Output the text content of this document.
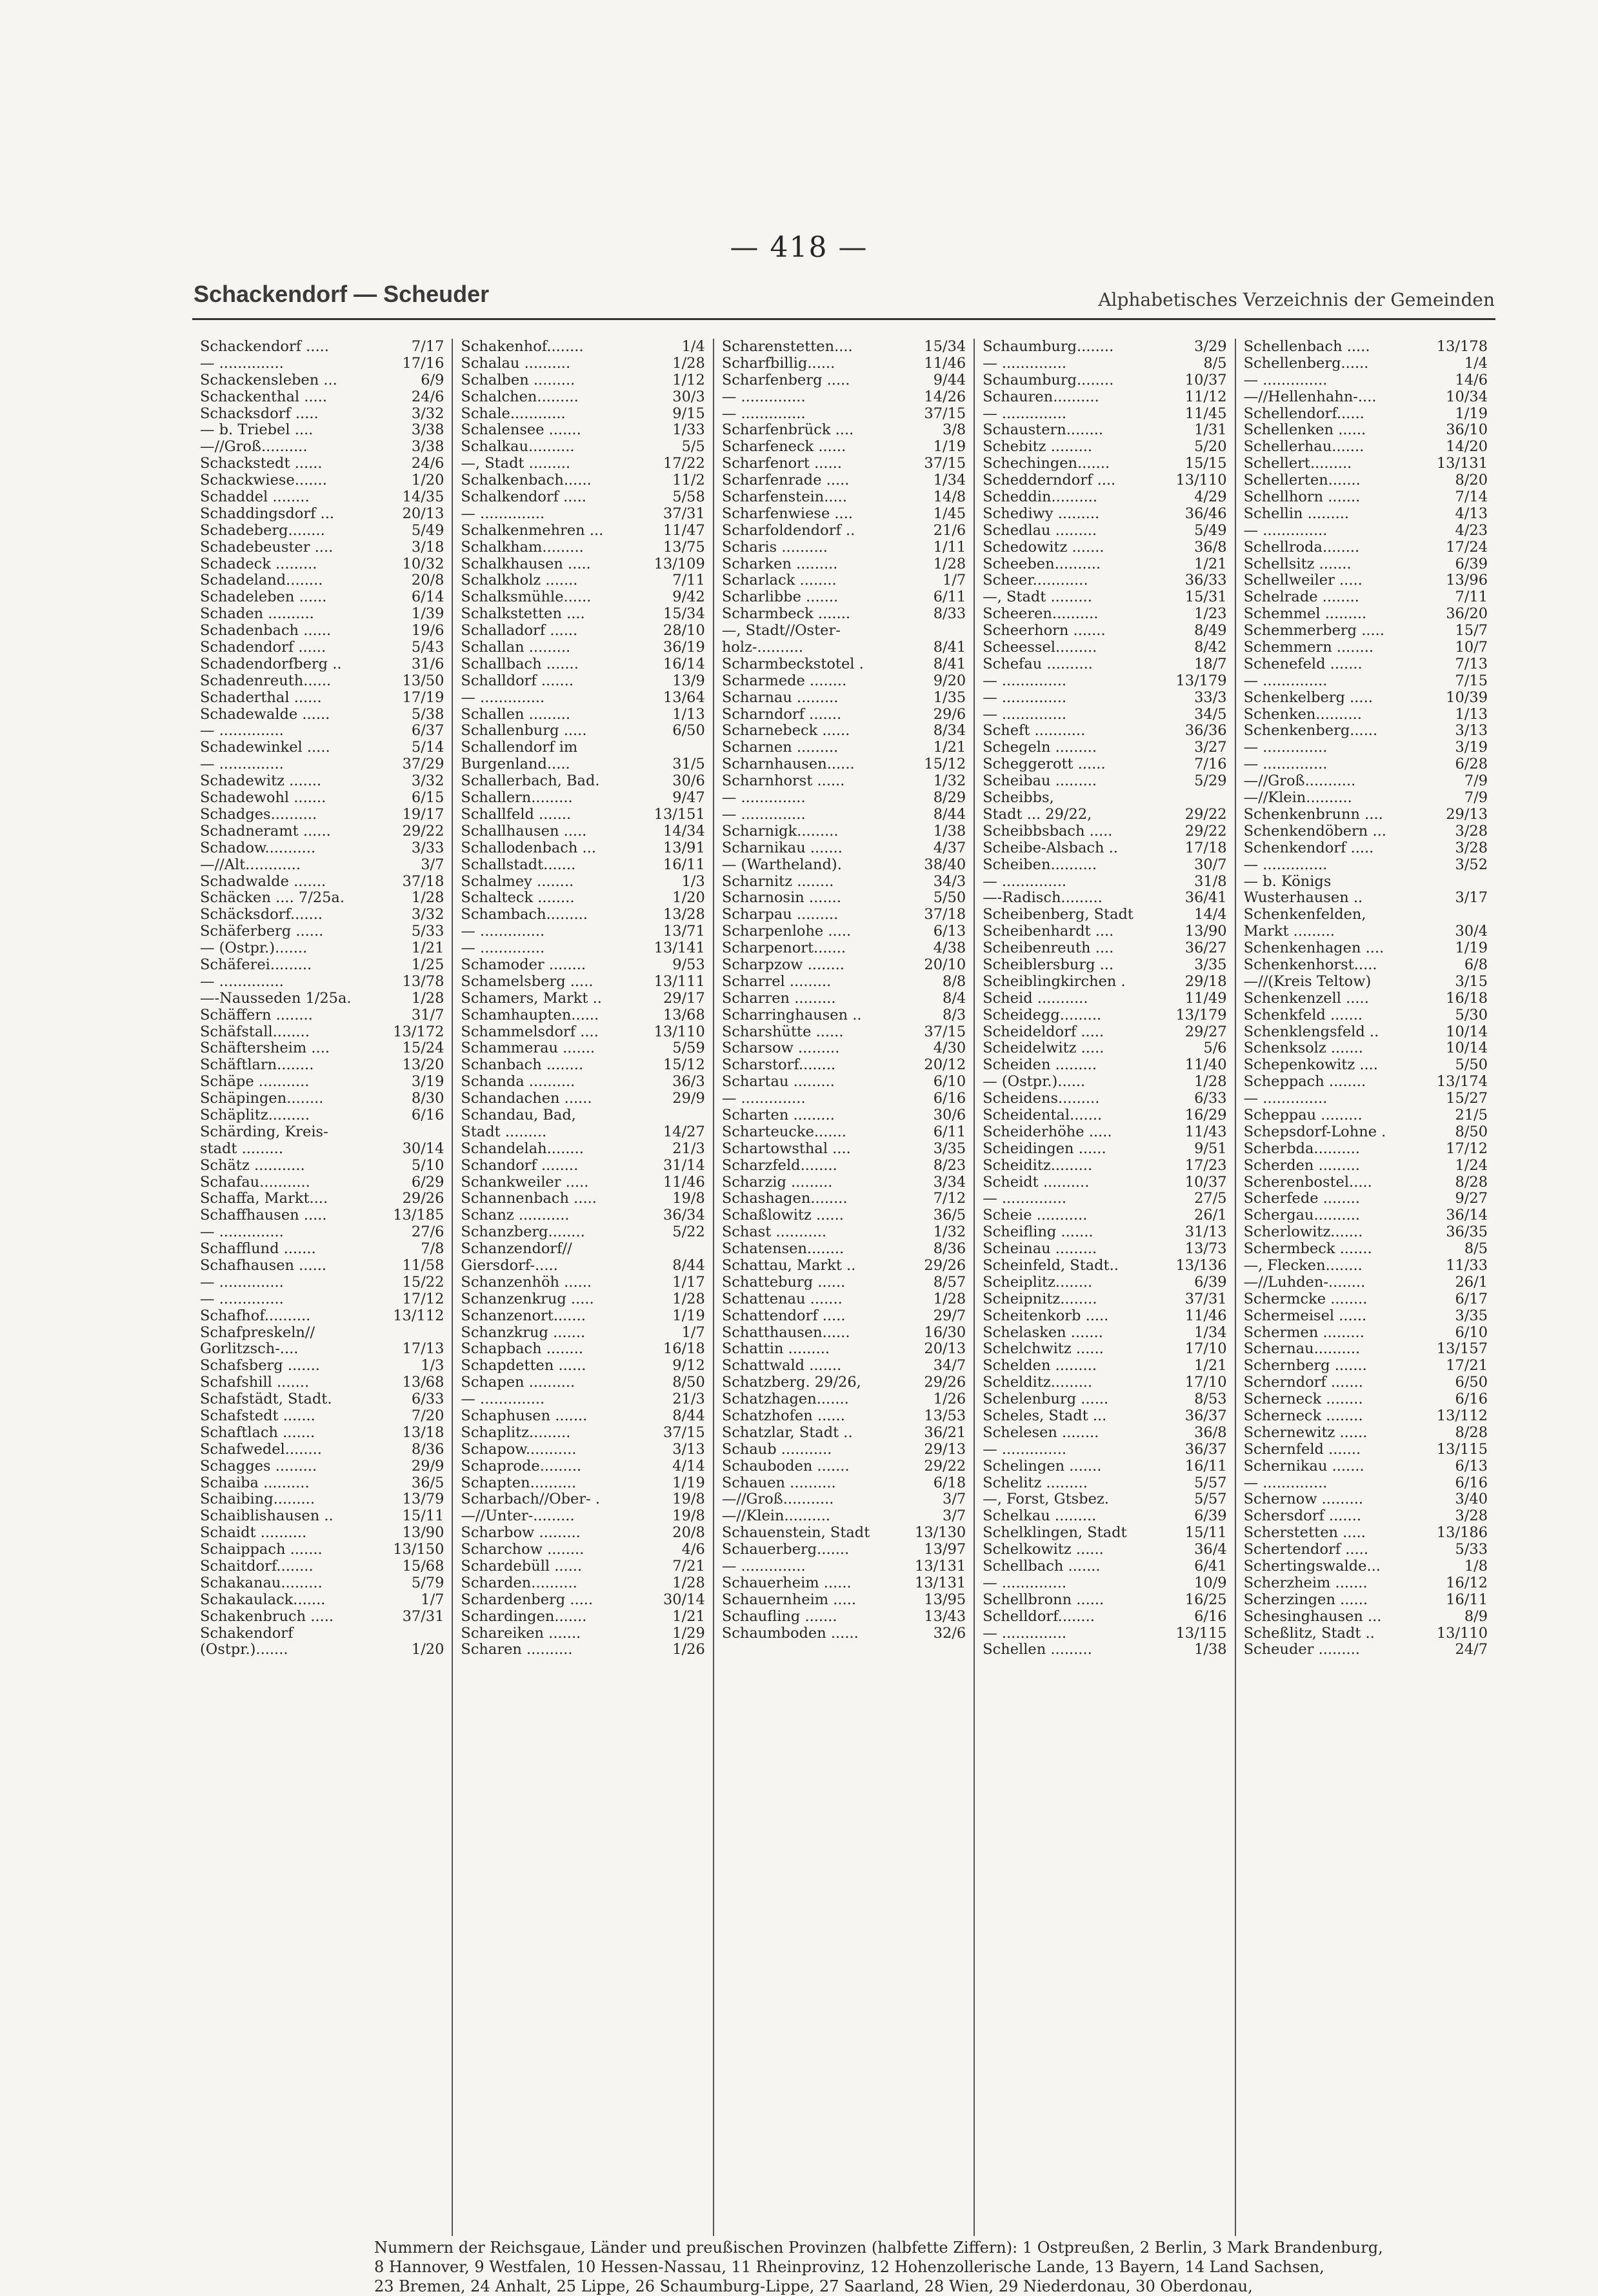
— 418 —
Schackendorf — Scheuder	Alphabetisches Verzeichnis der Gemeinden
Schackendorf .....	7/17
— ..............	17/16
Schackensleben ...	6/9
Schackenthal .....	24/6
Schacksdorf .....	3/32
— b. Triebel ....	3/38
—//Groß..........	3/38
Schackstedt ......	24/6
Schackwiese.......	1/20
Schaddel ........	14/35
Schaddingsdorf ...	20/13
Schadeberg........	5/49
Schadebeuster ....	3/18
Schadeck .........	10/32
Schadeland........	20/8
Schadeleben ......	6/14
Schaden ..........	1/39
Schadenbach ......	19/6
Schadendorf ......	5/43
Schadendorfberg ..	31/6
Schadenreuth......	13/50
Schaderthal ......	17/19
Schadewalde ......	5/38
— ..............	6/37
Schadewinkel .....	5/14
— ..............	37/29
Schadewitz .......	3/32
Schadewohl .......	6/15
Schadges..........	19/17
Schadneramt ......	29/22
Schadow...........	3/33
—//Alt............	3/7
Schadwalde .......	37/18
Schäcken .... 7/25a.	1/28
Schäcksdorf.......	3/32
Schäferberg ......	5/33
— (Ostpr.).......	1/21
Schäferei.........	1/25
— ..............	13/78
—-Nausseden 1/25a.	1/28
Schäffern ........	31/7
Schäfstall........	13/172
Schäftersheim ....	15/24
Schäftlarn........	13/20
Schäpe ...........	3/19
Schäpingen........	8/30
Schäplitz.........	6/16
Schärding, Kreis-
stadt .........	30/14
Schätz ...........	5/10
Schafau...........	6/29
Schaffa, Markt....	29/26
Schaffhausen .....	13/185
— ..............	27/6
Schafflund .......	7/8
Schafhausen ......	11/58
— ..............	15/22
— ..............	17/12
Schafhof..........	13/112
Schafpreskeln//
Gorlitzsch-....	17/13
Schafsberg .......	1/3
Schafshill .......	13/68
Schafstädt, Stadt.	6/33
Schafstedt .......	7/20
Schaftlach .......	13/18
Schafwedel........	8/36
Schagges .........	29/9
Schaiba ..........	36/5
Schaibing.........	13/79
Schaiblishausen ..	15/11
Schaidt ..........	13/90
Schaippach .......	13/150
Schaitdorf........	15/68
Schakanau.........	5/79
Schakaulack.......	1/7
Schakenbruch .....	37/31
Schakendorf
(Ostpr.).......	1/20
Schakenhof........	1/4
Schalau ..........	1/28
Schalben .........	1/12
Schalchen.........	30/3
Schale............	9/15
Schalensee .......	1/33
Schalkau..........	5/5
—, Stadt .........	17/22
Schalkenbach......	11/2
Schalkendorf .....	5/58
— ..............	37/31
Schalkenmehren ...	11/47
Schalkham.........	13/75
Schalkhausen .....	13/109
Schalkholz .......	7/11
Schalksmühle......	9/42
Schalkstetten ....	15/34
Schalladorf ......	28/10
Schallan .........	36/19
Schallbach .......	16/14
Schalldorf .......	13/9
— ..............	13/64
Schallen .........	1/13
Schallenburg .....	6/50
Schallendorf im
Burgenland.....	31/5
Schallerbach, Bad.	30/6
Schallern.........	9/47
Schallfeld .......	13/151
Schallhausen .....	14/34
Schallodenbach ...	13/91
Schallstadt.......	16/11
Schalmey ........	1/3
Schalteck ........	1/20
Schambach.........	13/28
— ..............	13/71
— ..............	13/141
Schamoder ........	9/53
Schamelsberg .....	13/111
Schamers, Markt ..	29/17
Schamhaupten......	13/68
Schammelsdorf ....	13/110
Schammerau .......	5/59
Schanbach ........	15/12
Schanda ..........	36/3
Schandachen ......	29/9
Schandau, Bad,
Stadt .........	14/27
Schandelah........	21/3
Schandorf ........	31/14
Schankweiler .....	11/46
Schannenbach .....	19/8
Schanz ...........	36/34
Schanzberg........	5/22
Schanzendorf//
Giersdorf-.....	8/44
Schanzenhöh ......	1/17
Schanzenkrug .....	1/28
Schanzenort.......	1/19
Schanzkrug .......	1/7
Schapbach ........	16/18
Schapdetten ......	9/12
Schapen ..........	8/50
— ..............	21/3
Schaphusen .......	8/44
Schaplitz.........	37/15
Schapow...........	3/13
Schaprode.........	4/14
Schapten..........	1/19
Scharbach//Ober- .	19/8
—//Unter-.........	19/8
Scharbow .........	20/8
Scharchow ........	4/6
Schardebüll ......	7/21
Scharden..........	1/28
Schardenberg .....	30/14
Schardingen.......	1/21
Schareiken .......	1/29
Scharen ..........	1/26
Scharenstetten....	15/34
Scharfbillig......	11/46
Scharfenberg .....	9/44
— ..............	14/26
— ..............	37/15
Scharfenbrück ....	3/8
Scharfeneck ......	1/19
Scharfenort ......	37/15
Scharfenrade .....	1/34
Scharfenstein.....	14/8
Scharfenwiese ....	1/45
Scharfoldendorf ..	21/6
Scharis ..........	1/11
Scharken .........	1/28
Scharlack ........	1/7
Scharlibbe .......	6/11
Scharmbeck .......	8/33
—, Stadt//Oster-
holz-..........	8/41
Scharmbeckstotel .	8/41
Scharmede ........	9/20
Scharnau .........	1/35
Scharndorf .......	29/6
Scharnebeck ......	8/34
Scharnen .........	1/21
Scharnhausen......	15/12
Scharnhorst ......	1/32
— ..............	8/29
— ..............	8/44
Scharnigk.........	1/38
Scharnikau .......	4/37
— (Wartheland).	38/40
Scharnitz ........	34/3
Scharnosin .......	5/50
Scharpau .........	37/18
Scharpenlohe .....	6/13
Scharpenort.......	4/38
Scharpzow ........	20/10
Scharrel .........	8/8
Scharren .........	8/4
Scharringhausen ..	8/3
Scharshütte ......	37/15
Scharsow .........	4/30
Scharstorf........	20/12
Schartau .........	6/10
— ..............	6/16
Scharten .........	30/6
Scharteucke.......	6/11
Schartowsthal ....	3/35
Scharzfeld........	8/23
Scharzig .........	3/34
Schashagen........	7/12
Schaßlowitz ......	36/5
Schast ...........	1/32
Schatensen........	8/36
Schattau, Markt ..	29/26
Schatteburg ......	8/57
Schattenau .......	1/28
Schattendorf .....	29/7
Schatthausen......	16/30
Schattin .........	20/13
Schattwald .......	34/7
Schatzberg. 29/26,	29/26
Schatzhagen.......	1/26
Schatzhofen ......	13/53
Schatzlar, Stadt ..	36/21
Schaub ...........	29/13
Schauboden .......	29/22
Schauen ..........	6/18
—//Groß...........	3/7
—//Klein..........	3/7
Schauenstein, Stadt	13/130
Schauerberg.......	13/97
— ..............	13/131
Schauerheim ......	13/131
Schauernheim .....	13/95
Schaufling .......	13/43
Schaumboden ......	32/6
Schaumburg........	3/29
— ..............	8/5
Schaumburg........	10/37
Schauren..........	11/12
— ..............	11/45
Schaustern........	1/31
Schebitz .........	5/20
Schechingen.......	15/15
Schedderndorf ....	13/110
Scheddin..........	4/29
Schediwy .........	36/46
Schedlau .........	5/49
Schedowitz .......	36/8
Scheeben..........	1/21
Scheer............	36/33
—, Stadt .........	15/31
Scheeren..........	1/23
Scheerhorn .......	8/49
Scheessel.........	8/42
Schefau ..........	18/7
— ..............	13/179
— ..............	33/3
— ..............	34/5
Scheft ...........	36/36
Schegeln .........	3/27
Scheggerott ......	7/16
Scheibau .........	5/29
Scheibbs,
Stadt ... 29/22,	29/22
Scheibbsbach .....	29/22
Scheibe-Alsbach ..	17/18
Scheiben..........	30/7
— ..............	31/8
—-Radisch.........	36/41
Scheibenberg, Stadt	14/4
Scheibenhardt ....	13/90
Scheibenreuth ....	36/27
Scheiblersburg ...	3/35
Scheiblingkirchen .	29/18
Scheid ...........	11/49
Scheidegg.........	13/179
Scheideldorf .....	29/27
Scheidelwitz .....	5/6
Scheiden .........	11/40
— (Ostpr.)......	1/28
Scheidens.........	6/33
Scheidental.......	16/29
Scheiderhöhe .....	11/43
Scheidingen ......	9/51
Scheiditz.........	17/23
Scheidt ..........	10/37
— ..............	27/5
Scheie ...........	26/1
Scheifling .......	31/13
Scheinau .........	13/73
Scheinfeld, Stadt..	13/136
Scheiplitz........	6/39
Scheipnitz........	37/31
Scheitenkorb .....	11/46
Schelasken .......	1/34
Schelchwitz ......	17/10
Schelden .........	1/21
Schelditz.........	17/10
Schelenburg ......	8/53
Scheles, Stadt ...	36/37
Schelesen ........	36/8
— ..............	36/37
Schelingen .......	16/11
Schelitz .........	5/57
—, Forst, Gtsbez.	5/57
Schelkau .........	6/39
Schelklingen, Stadt	15/11
Schelkowitz ......	36/4
Schellbach .......	6/41
— ..............	10/9
Schellbronn ......	16/25
Schelldorf........	6/16
— ..............	13/115
Schellen .........	1/38
Schellenbach .....	13/178
Schellenberg......	1/4
— ..............	14/6
—//Hellenhahn-....	10/34
Schellendorf......	1/19
Schellenken ......	36/10
Schellerhau.......	14/20
Schellert.........	13/131
Schellerten.......	8/20
Schellhorn .......	7/14
Schellin .........	4/13
— ..............	4/23
Schellroda........	17/24
Schellsitz .......	6/39
Schellweiler .....	13/96
Schelrade ........	7/11
Schemmel .........	36/20
Schemmerberg .....	15/7
Schemmern ........	10/7
Schenefeld .......	7/13
— ..............	7/15
Schenkelberg .....	10/39
Schenken..........	1/13
Schenkenberg......	3/13
— ..............	3/19
— ..............	6/28
—//Groß...........	7/9
—//Klein..........	7/9
Schenkenbrunn ....	29/13
Schenkendöbern ...	3/28
Schenkendorf .....	3/28
— ..............	3/52
— b. Königs
Wusterhausen ..	3/17
Schenkenfelden,
Markt .........	30/4
Schenkenhagen ....	1/19
Schenkenhorst.....	6/8
—//(Kreis Teltow)	3/15
Schenkenzell .....	16/18
Schenkfeld .......	5/30
Schenklengsfeld ..	10/14
Schenksolz .......	10/14
Schepenkowitz ....	5/50
Scheppach ........	13/174
— ..............	15/27
Scheppau .........	21/5
Schepsdorf-Lohne .	8/50
Scherbda..........	17/12
Scherden .........	1/24
Scherenbostel.....	8/28
Scherfede ........	9/27
Schergau..........	36/14
Scherlowitz.......	36/35
Schermbeck .......	8/5
—, Flecken........	11/33
—//Luhden-........	26/1
Schermcke ........	6/17
Schermeisel ......	3/35
Schermen .........	6/10
Schernau..........	13/157
Schernberg .......	17/21
Scherndorf .......	6/50
Scherneck ........	6/16
Scherneck ........	13/112
Schernewitz ......	8/28
Schernfeld .......	13/115
Schernikau .......	6/13
— ..............	6/16
Schernow .........	3/40
Schersdorf .......	3/28
Scherstetten .....	13/186
Schertendorf .....	5/33
Schertingswalde...	1/8
Scherzheim .......	16/12
Scherzingen ......	16/11
Schesinghausen ...	8/9
Scheßlitz, Stadt ..	13/110
Scheuder .........	24/7
Nummern der Reichsgaue, Länder und preußischen Provinzen (halbfette Ziffern): 1 Ostpreußen, 2 Berlin, 3 Mark Brandenburg,
8 Hannover, 9 Westfalen, 10 Hessen-Nassau, 11 Rheinprovinz, 12 Hohenzollerische Lande, 13 Bayern, 14 Land Sachsen,
23 Bremen, 24 Anhalt, 25 Lippe, 26 Schaumburg-Lippe, 27 Saarland, 28 Wien, 29 Niederdonau, 30 Oberdonau,
